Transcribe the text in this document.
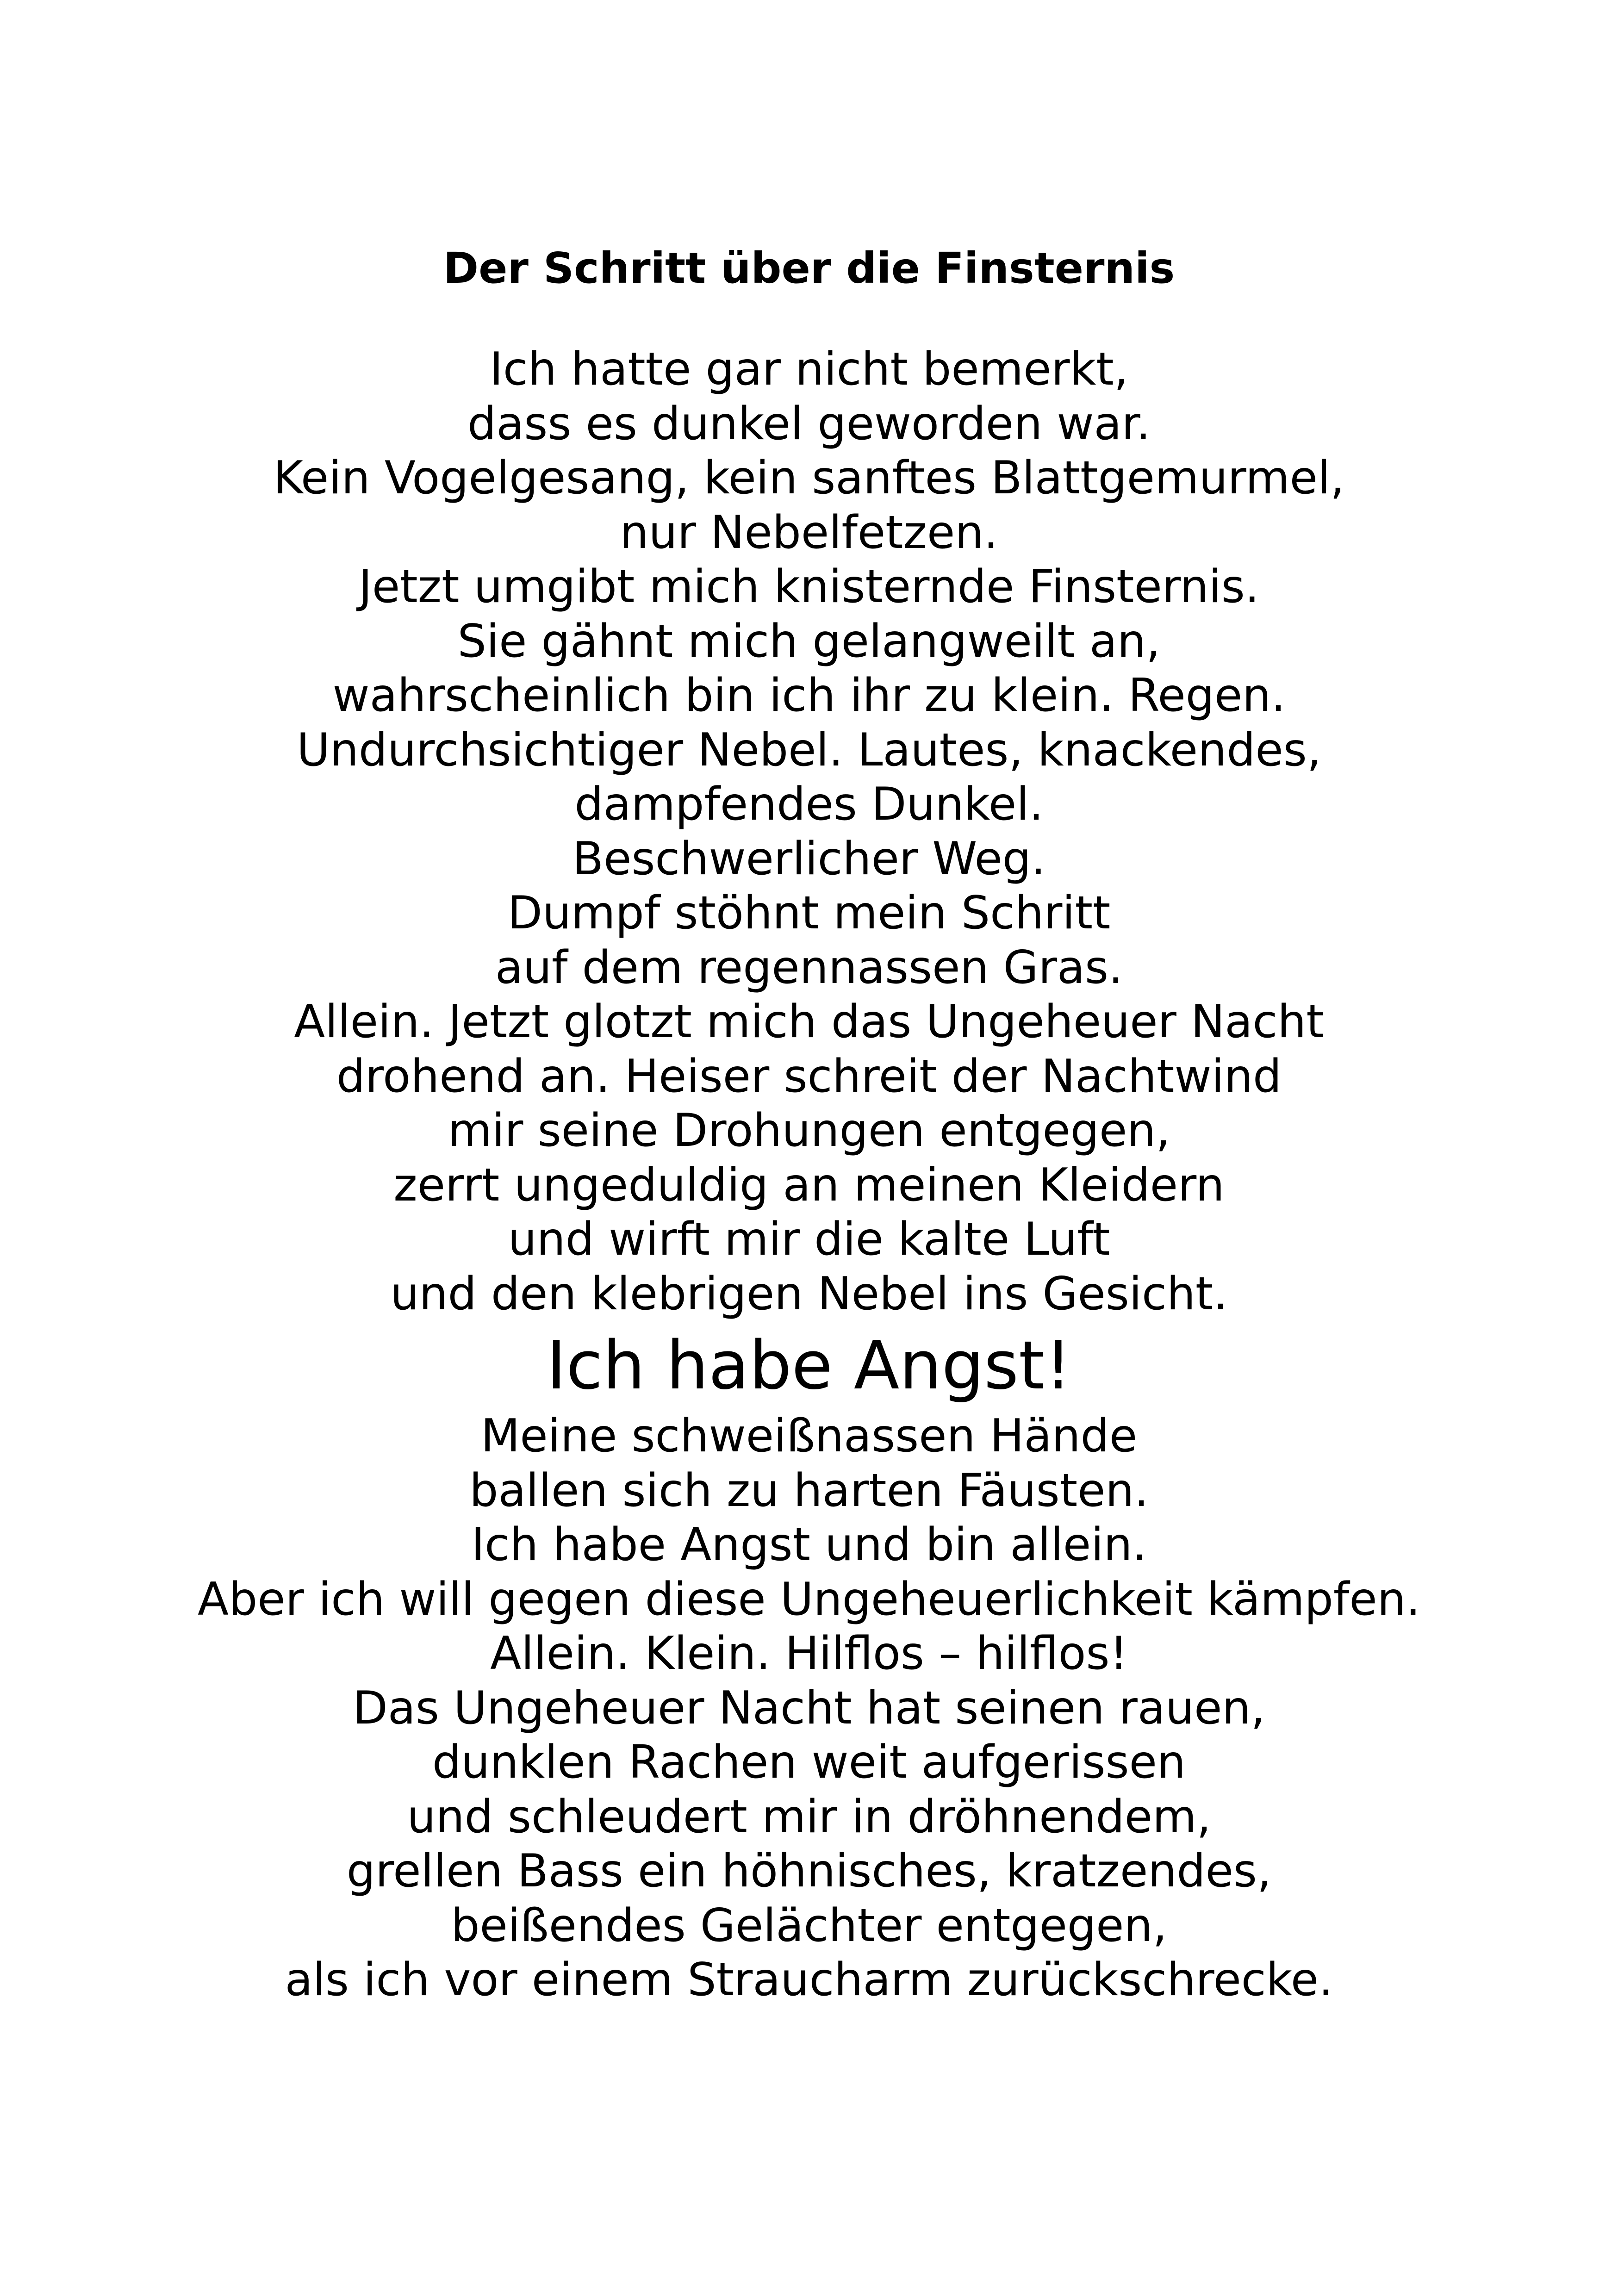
Der Schritt über die Finsternis
Ich hatte gar nicht bemerkt,
dass es dunkel geworden war.
Kein Vogelgesang, kein sanftes Blattgemurmel,
nur Nebelfetzen.
Jetzt umgibt mich knisternde Finsternis.
Sie gähnt mich gelangweilt an,
wahrscheinlich bin ich ihr zu klein. Regen.
Undurchsichtiger Nebel. Lautes, knackendes,
dampfendes Dunkel.
Beschwerlicher Weg.
Dumpf stöhnt mein Schritt
auf dem regennassen Gras.
Allein. Jetzt glotzt mich das Ungeheuer Nacht
drohend an. Heiser schreit der Nachtwind
mir seine Drohungen entgegen,
zerrt ungeduldig an meinen Kleidern
und wirft mir die kalte Luft
und den klebrigen Nebel ins Gesicht.
Ich habe Angst!
Meine schweißnassen Hände
ballen sich zu harten Fäusten.
Ich habe Angst und bin allein.
Aber ich will gegen diese Ungeheuerlichkeit kämpfen.
Allein. Klein. Hilflos – hilflos!
Das Ungeheuer Nacht hat seinen rauen,
dunklen Rachen weit aufgerissen
und schleudert mir in dröhnendem,
grellen Bass ein höhnisches, kratzendes,
beißendes Gelächter entgegen,
als ich vor einem Straucharm zurückschrecke.
